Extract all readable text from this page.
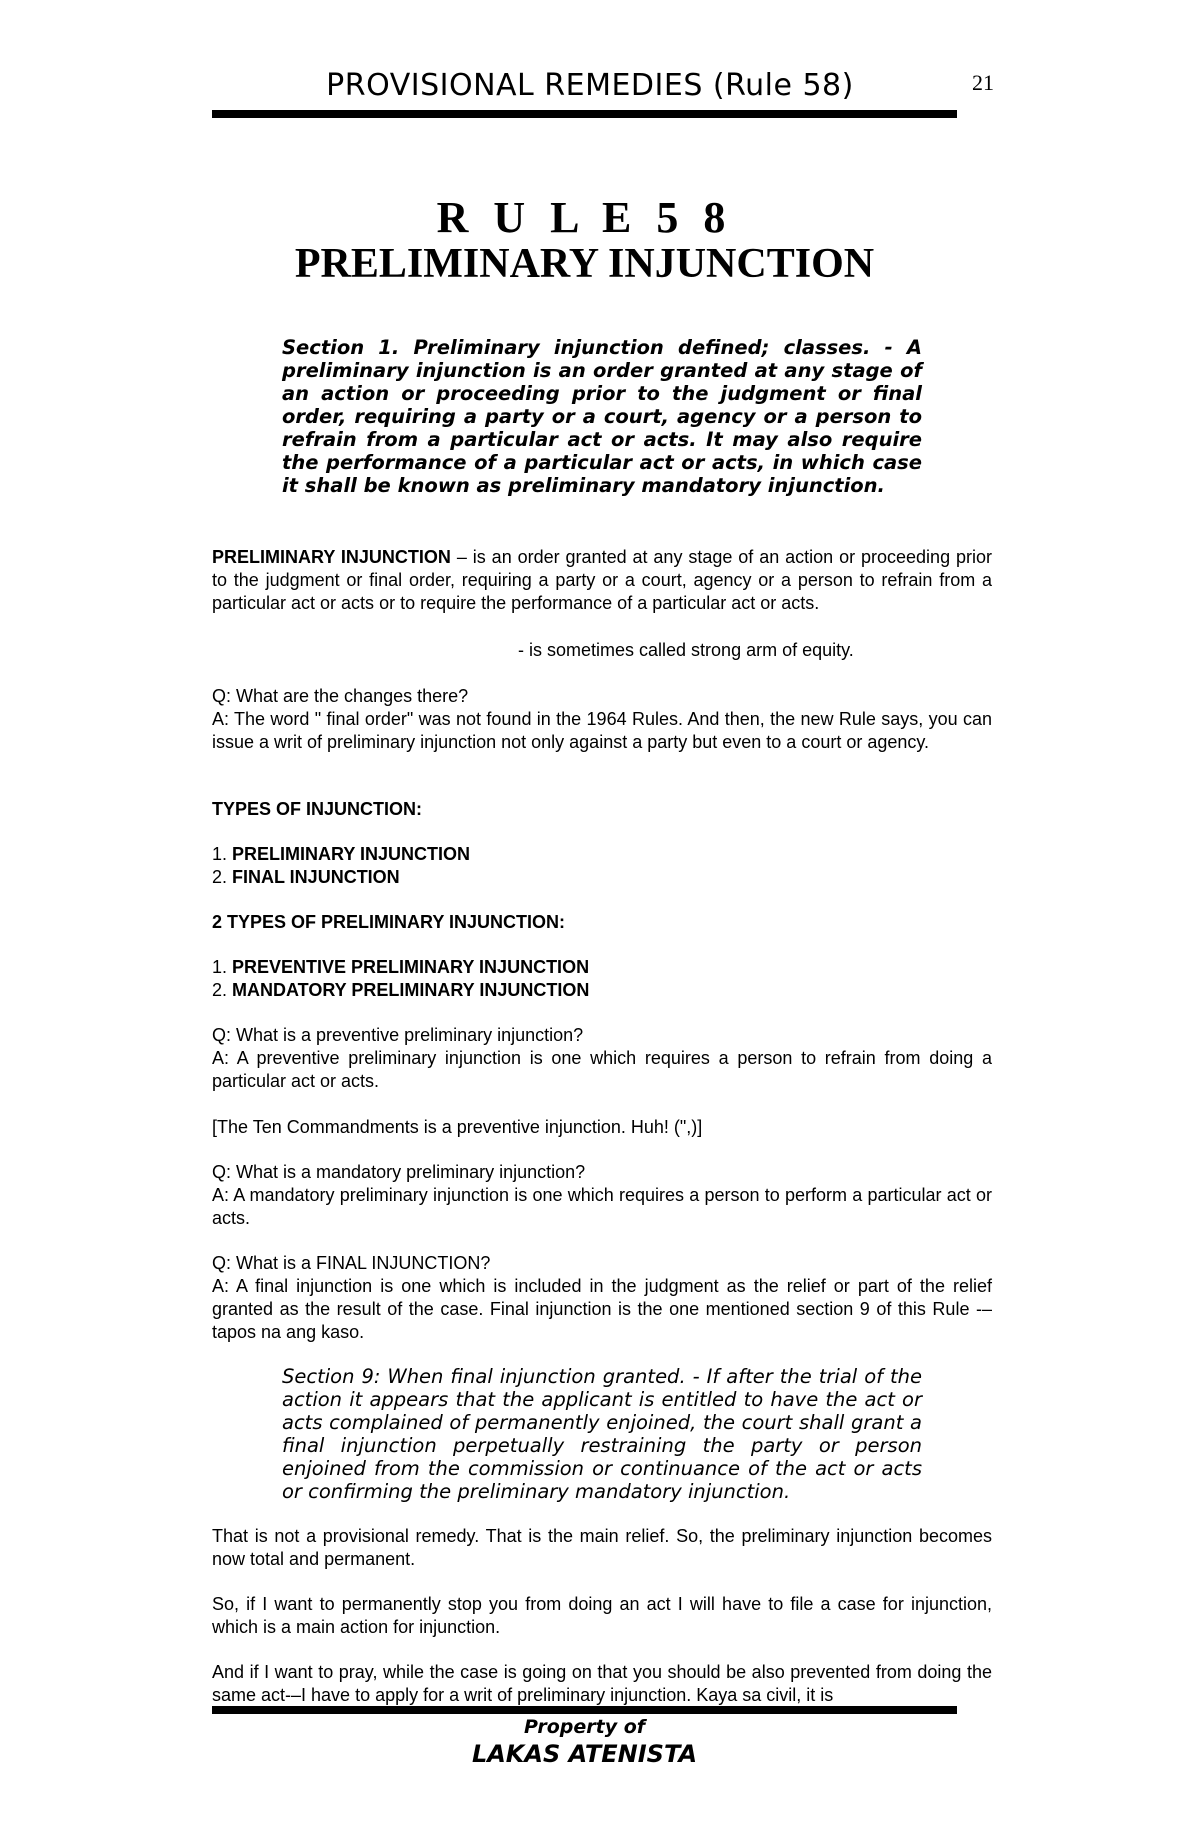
PROVISIONAL REMEDIES (Rule 58)	21
R U L E 5 8
PRELIMINARY INJUNCTION
Section 1. Preliminary injunction defined; classes. - A preliminary injunction is an order granted at any stage of an action or proceeding prior to the judgment or final order, requiring a party or a court, agency or a person to refrain from a particular act or acts. It may also require the performance of a particular act or acts, in which case it shall be known as preliminary mandatory injunction.
PRELIMINARY INJUNCTION – is an order granted at any stage of an action or proceeding prior to the judgment or final order, requiring a party or a court, agency or a person to refrain from a particular act or acts or to require the performance of a particular act or acts.
- is sometimes called strong arm of equity.
Q: What are the changes there?
A: The word " final order" was not found in the 1964 Rules. And then, the new Rule says, you can issue a writ of preliminary injunction not only against a party but even to a court or agency.
TYPES OF INJUNCTION:
1. PRELIMINARY INJUNCTION
2. FINAL INJUNCTION
2 TYPES OF PRELIMINARY INJUNCTION:
1. PREVENTIVE PRELIMINARY INJUNCTION
2. MANDATORY PRELIMINARY INJUNCTION
Q: What is a preventive preliminary injunction?
A: A preventive preliminary injunction is one which requires a person to refrain from doing a particular act or acts.
[The Ten Commandments is a preventive injunction. Huh! (",)]
Q: What is a mandatory preliminary injunction?
A: A mandatory preliminary injunction is one which requires a person to perform a particular act or acts.
Q: What is a FINAL INJUNCTION?
A: A final injunction is one which is included in the judgment as the relief or part of the relief granted as the result of the case. Final injunction is the one mentioned section 9 of this Rule -– tapos na ang kaso.
Section 9: When final injunction granted. - If after the trial of the action it appears that the applicant is entitled to have the act or acts complained of permanently enjoined, the court shall grant a final injunction perpetually restraining the party or person enjoined from the commission or continuance of the act or acts or confirming the preliminary mandatory injunction.
That is not a provisional remedy. That is the main relief. So, the preliminary injunction becomes now total and permanent.
So, if I want to permanently stop you from doing an act I will have to file a case for injunction, which is a main action for injunction.
And if I want to pray, while the case is going on that you should be also prevented from doing the same act-–I have to apply for a writ of preliminary injunction. Kaya sa civil, it is
Property of
LAKAS ATENISTA
